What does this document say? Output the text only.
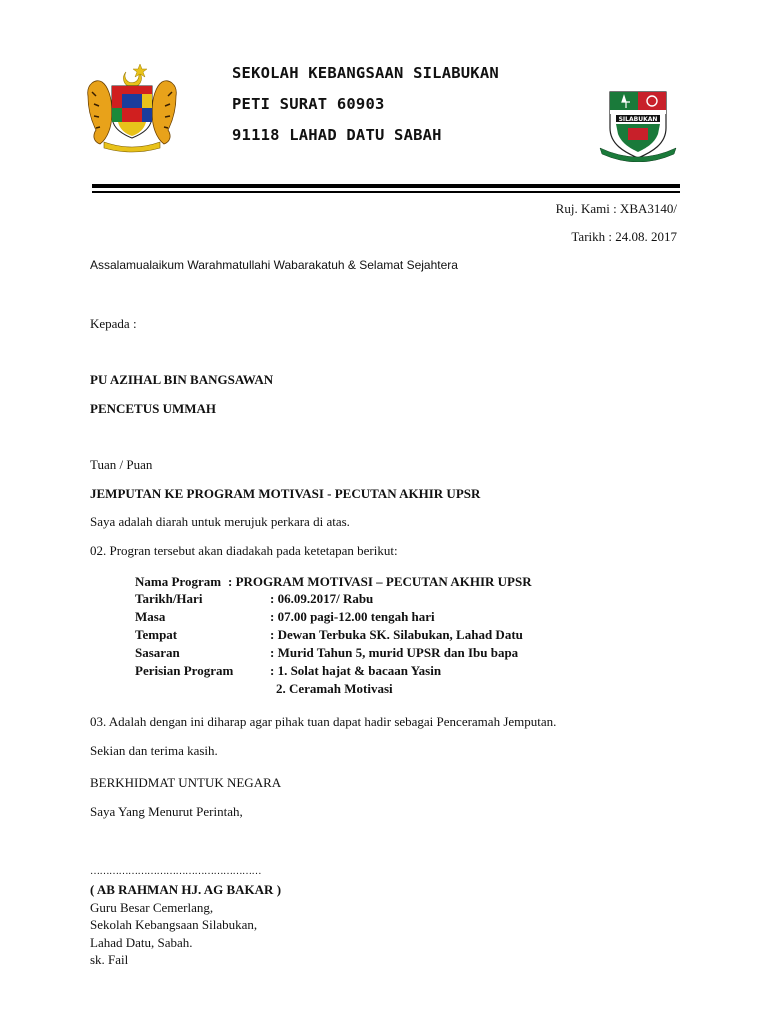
SEKOLAH KEBANGSAAN SILABUKAN
PETI SURAT 60903
91118 LAHAD DATU SABAH
SILABUKAN
Ruj. Kami : XBA3140/
Tarikh : 24.08. 2017
Assalamualaikum Warahmatullahi Wabarakatuh & Selamat Sejahtera
Kepada :
PU AZIHAL BIN BANGSAWAN
PENCETUS UMMAH
Tuan / Puan
JEMPUTAN KE PROGRAM MOTIVASI - PECUTAN AKHIR UPSR
Saya adalah diarah untuk merujuk perkara di atas.
02. Progran tersebut akan diadakah pada ketetapan berikut:
Nama Program : PROGRAM MOTIVASI – PECUTAN AKHIR UPSR
Tarikh/Hari	: 06.09.2017/ Rabu
Masa	: 07.00 pagi-12.00 tengah hari
Tempat	: Dewan Terbuka SK. Silabukan, Lahad Datu
Sasaran	: Murid Tahun 5, murid UPSR dan Ibu bapa
Perisian Program	: 1. Solat hajat & bacaan Yasin
2. Ceramah Motivasi
03. Adalah dengan ini diharap agar pihak tuan dapat hadir sebagai Penceramah Jemputan.
Sekian dan terima kasih.
BERKHIDMAT UNTUK NEGARA
Saya Yang Menurut Perintah,
………………………………………………
( AB RAHMAN HJ. AG BAKAR )
Guru Besar Cemerlang,
Sekolah Kebangsaan Silabukan,
Lahad Datu, Sabah.
sk. Fail
